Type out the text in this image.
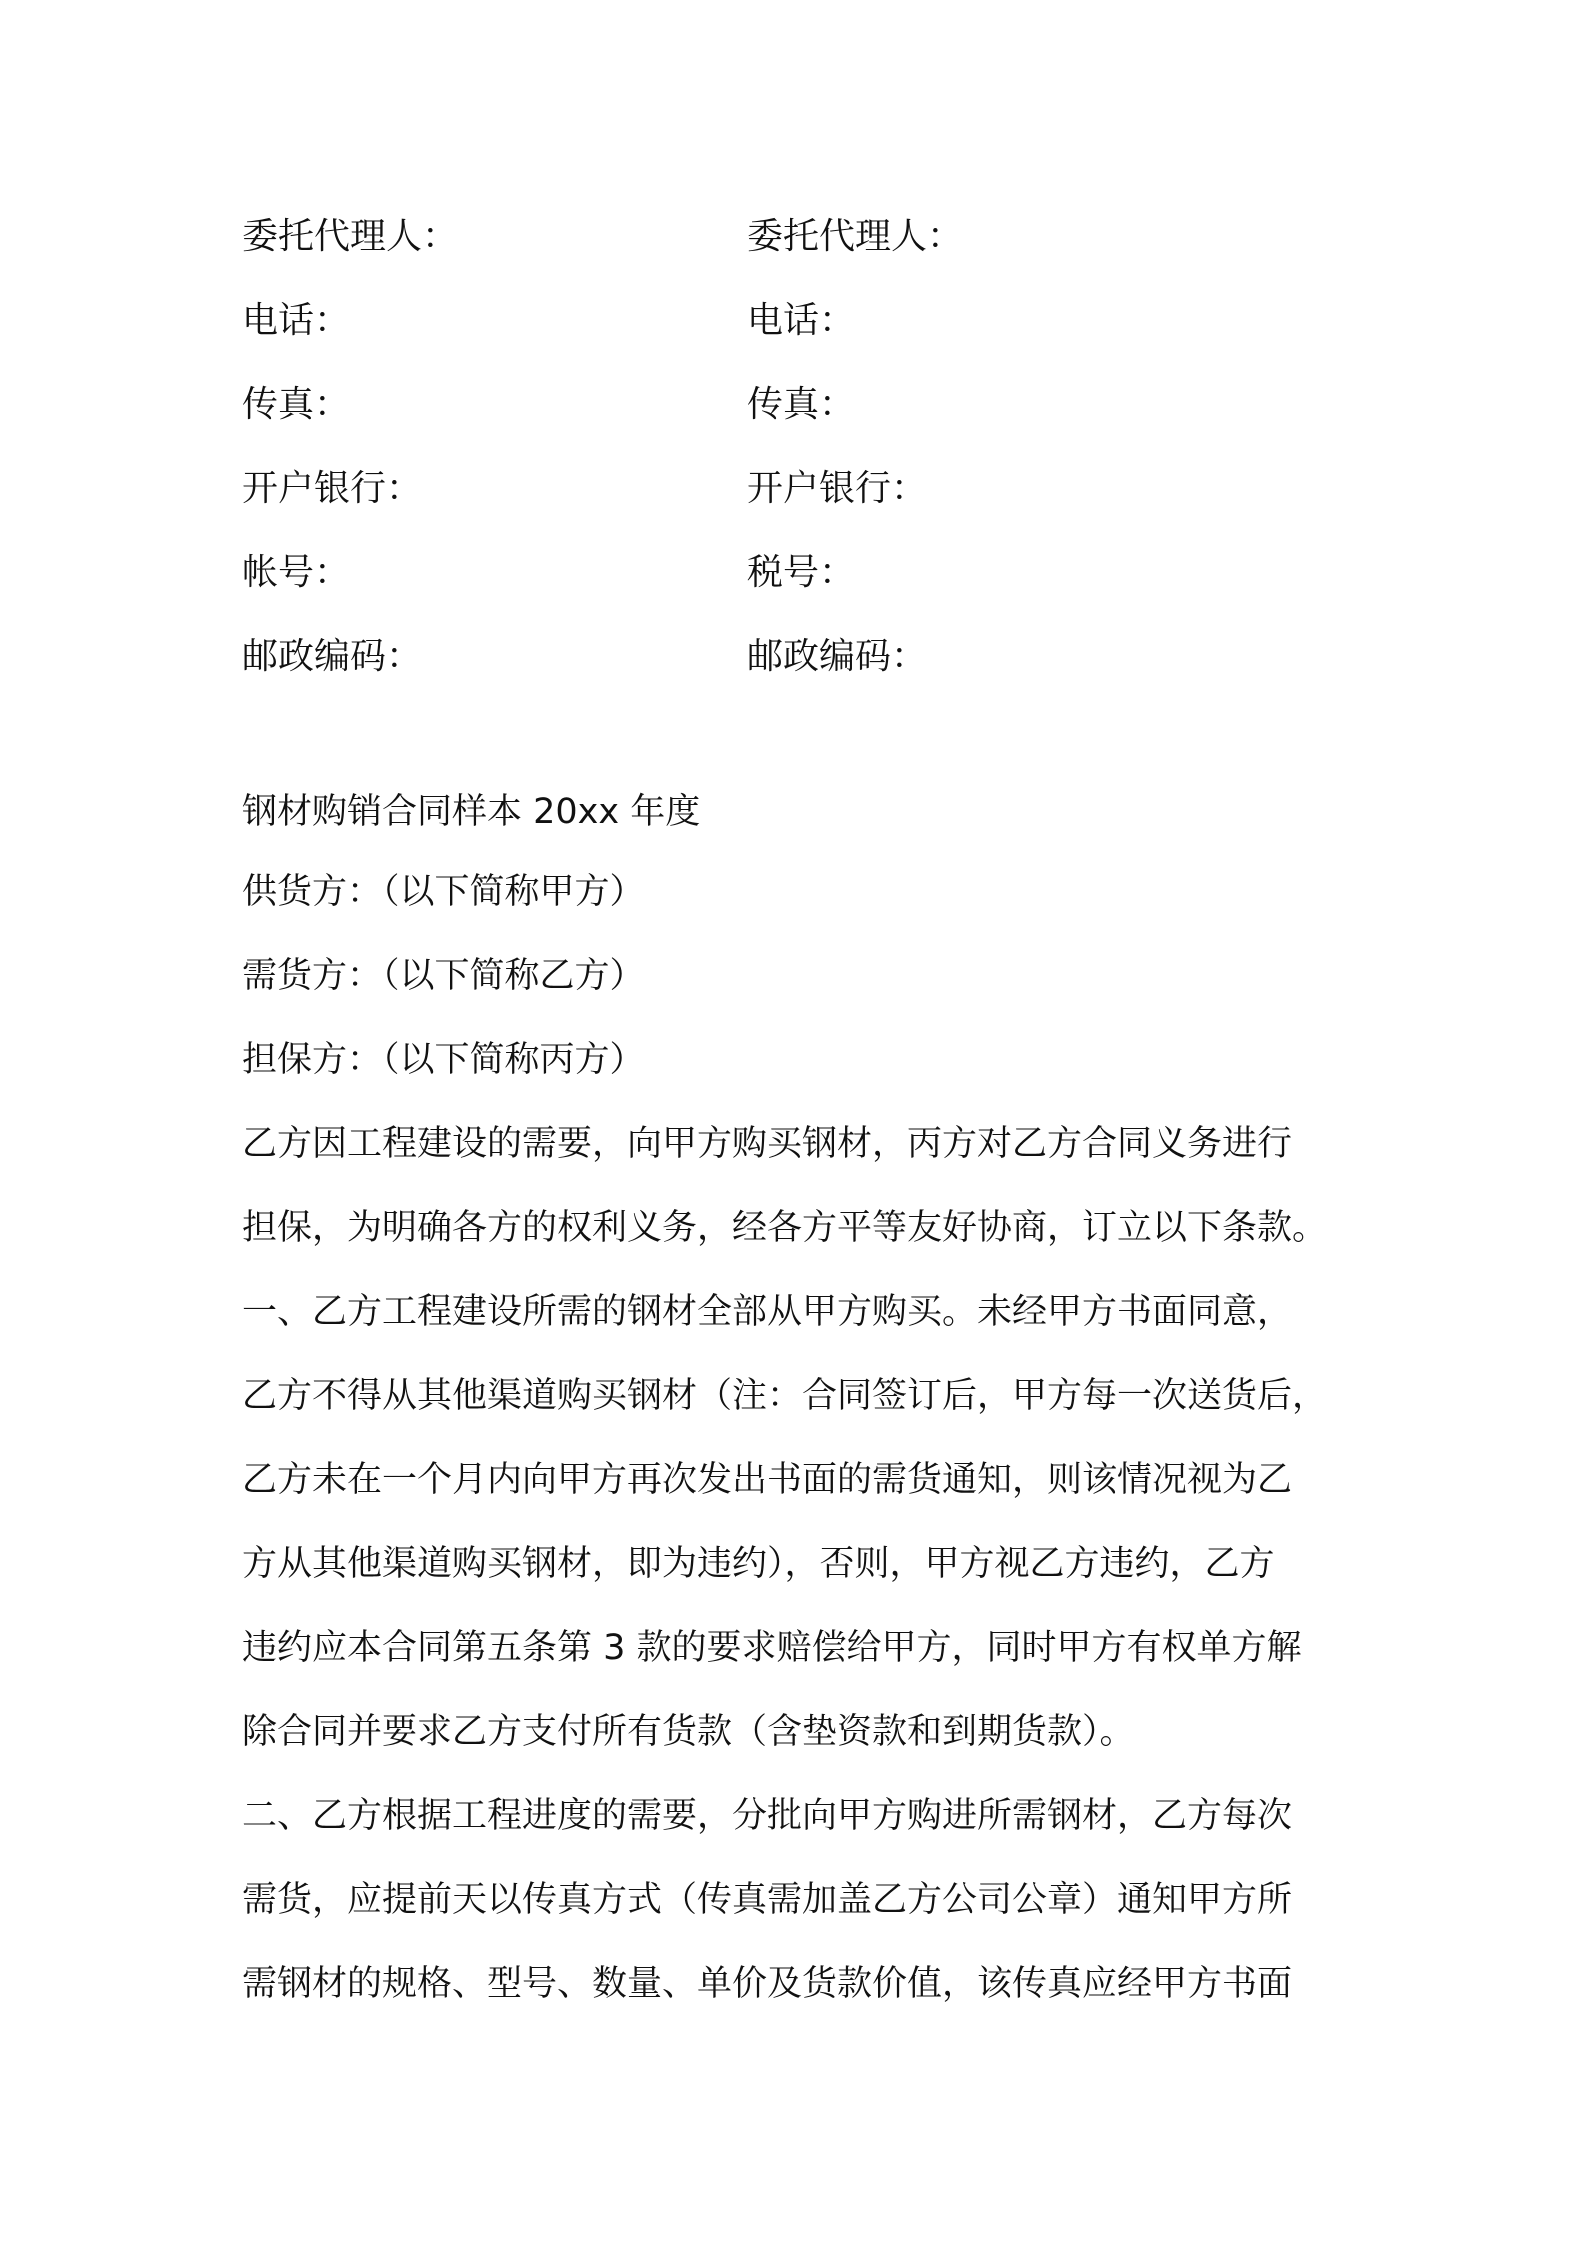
委托代理人：	委托代理人：
电话：	电话：
传真：	传真：
开户银行：	开户银行：
帐号：	税号：
邮政编码：	邮政编码：
钢材购销合同样本 20xx 年度
供货方：（以下简称甲方）
需货方：（以下简称乙方）
担保方：（以下简称丙方）

乙方因工程建设的需要，向甲方购买钢材，丙方对乙方合同义务进行
担保，为明确各方的权利义务，经各方平等友好协商，订立以下条款。

一、乙方工程建设所需的钢材全部从甲方购买。未经甲方书面同意，
乙方不得从其他渠道购买钢材（注：合同签订后，甲方每一次送货后，
乙方未在一个月内向甲方再次发出书面的需货通知，则该情况视为乙
方从其他渠道购买钢材，即为违约），否则，甲方视乙方违约，乙方
违约应本合同第五条第 3 款的要求赔偿给甲方，同时甲方有权单方解
除合同并要求乙方支付所有货款（含垫资款和到期货款）。

二、乙方根据工程进度的需要，分批向甲方购进所需钢材，乙方每次
需货，应提前天以传真方式（传真需加盖乙方公司公章）通知甲方所
需钢材的规格、型号、数量、单价及货款价值，该传真应经甲方书面
